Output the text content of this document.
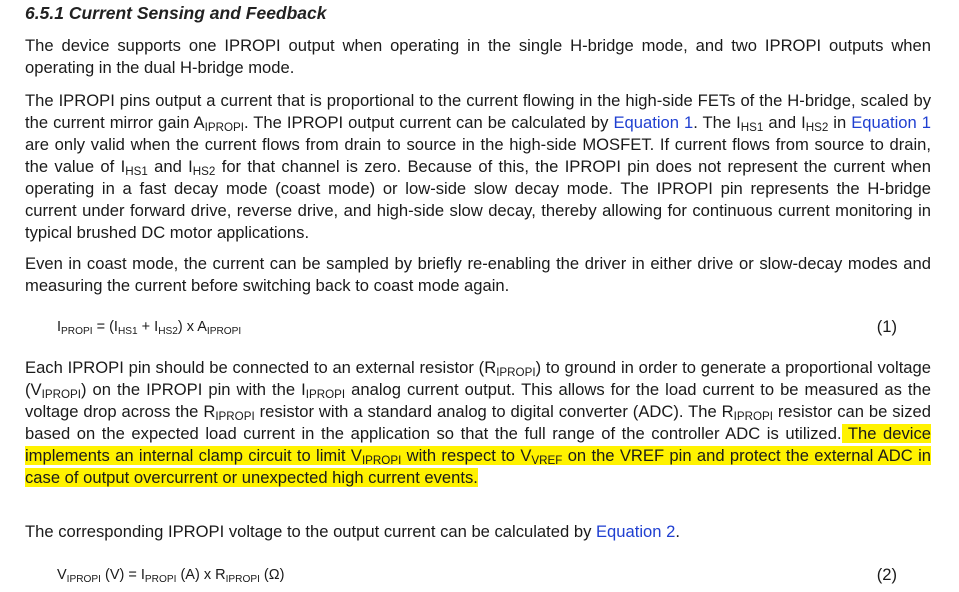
6.5.1 Current Sensing and Feedback

The device supports one IPROPI output when operating in the single H-bridge mode, and two IPROPI outputs when operating in the dual H-bridge mode.

The IPROPI pins output a current that is proportional to the current flowing in the high-side FETs of the H-bridge, scaled by the current mirror gain $A_{IPROPI}$. The IPROPI output current can be calculated by Equation 1. The $I_{HS1}$ and $I_{HS2}$ in Equation 1 are only valid when the current flows from drain to source in the high-side MOSFET. If current flows from source to drain, the value of $I_{HS1}$ and $I_{HS2}$ for that channel is zero. Because of this, the IPROPI pin does not represent the current when operating in a fast decay mode (coast mode) or low-side slow decay mode. The IPROPI pin represents the H-bridge current under forward drive, reverse drive, and high-side slow decay, thereby allowing for continuous current monitoring in typical brushed DC motor applications.

Even in coast mode, the current can be sampled by briefly re-enabling the driver in either drive or slow-decay modes and measuring the current before switching back to coast mode again.

$I_{PROPI} = (I_{HS1} + I_{HS2})$ x $A_{IPROPI}$	(1)

Each IPROPI pin should be connected to an external resistor $(R_{IPROPI})$ to ground in order to generate a proportional voltage $(V_{IPROPI})$ on the IPROPI pin with the $I_{IPROPI}$ analog current output. This allows for the load current to be measured as the voltage drop across the $R_{IPROPI}$ resistor with a standard analog to digital converter (ADC). The $R_{IPROPI}$ resistor can be sized based on the expected load current in the application so that the full range of the controller ADC is utilized. The device implements an internal clamp circuit to limit $V_{IPROPI}$ with respect to $V_{VREF}$ on the VREF pin and protect the external ADC in case of output overcurrent or unexpected high current events.

The corresponding IPROPI voltage to the output current can be calculated by Equation 2.

$V_{IPROPI}$ $(V) = I_{PROPI}$ (A) x $R_{IPROPI}$ (Ω)	(2)
